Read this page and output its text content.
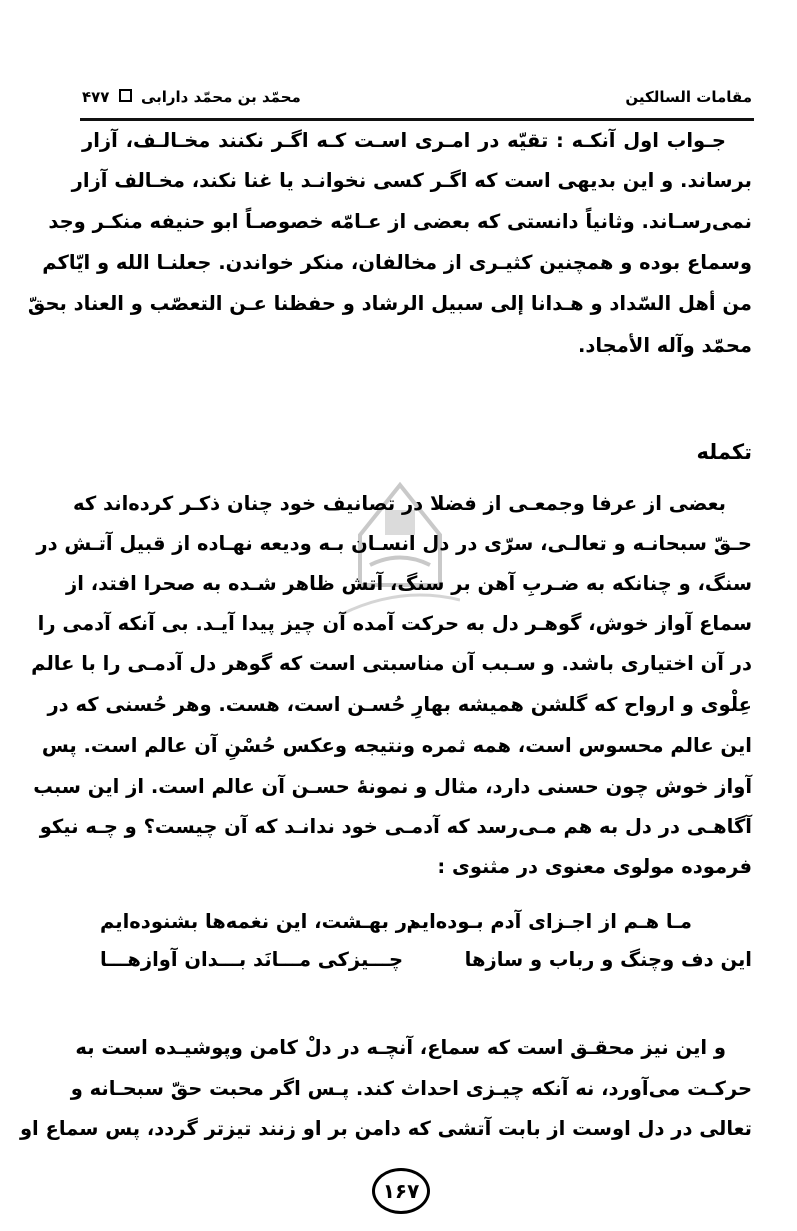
مقامات السالكين
محمّد بن محمّد دارابی  ۴۷۷
جـواب اول آنکـه : تقیّه در امـری اسـت کـه اگـر نکنند مخـالـف، آزار
برساند. و این بدیهی است که اگـر کسی نخوانـد یا غنا نکند، مخـالف آزار
نمی‌رسـاند. وثانیاً دانستی که بعضی از عـامّه خصوصـاً ابو حنیفه منکـر وجد
وسماع بوده و همچنین کثیـری از مخالفان، منکر خواندن. جعلنـا الله و ایّاکم
من أهل السّداد و هـدانا إلی سبیل الرشاد و حفظنا عـن التعصّب و العناد بحقّ
محمّد وآله الأمجاد.
تکمله
بعضی از عرفا وجمعـی از فضلا در تصانیف خود چنان ذکـر کرده‌اند که
حـقّ سبحانـه و تعالـی، سرّی در دل انسـان بـه ودیعه نهـاده از قبیل آتـش در
سنگ، و چنانکه به ضـربِ آهن بر سنگ، آتش ظاهر شـده به صحرا افتد، از
سماع آواز خوش، گوهـر دل به حرکت آمده آن چیز پیدا آیـد. بی آنکه آدمی را
در آن اختیاری باشد. و سـبب آن مناسبتی است که گوهر دل آدمـی را با عالم
عِلْوی و ارواح که گلشن همیشه بهارِ حُسـن است، هست. وهر حُسنی که در
این عالم محسوس است، همه ثمره ونتیجه وعکس حُسْنِ آن عالم است. پس
آواز خوش چون حسنی دارد، مثال و نمونهٔ حسـن آن عالم است. از این سبب
آگاهـی در دل به هم مـی‌رسد که آدمـی خود ندانـد که آن چیست؟ و چـه نیکو
فرموده مولوی معنوی در مثنوی :
مـا هـم از اجـزای آدم بـوده‌ایم
در بهـشت، این نغمه‌ها بشنوده‌ایم
این دف وچنگ و رباب و سازها
چـــیزکی مـــانَد بـــدان آوازهـــا
و این نیز محقـق است که سماع، آنچـه در دلْ کامن وپوشیـده است به
حرکـت می‌آورد، نه آنکه چیـزی احداث کند. پـس اگر محبت حقّ سبحـانه و
تعالی در دل اوست از بابت آتشی که دامن بر او زنند تیزتر گردد، پس سماع او
۱۶۷
